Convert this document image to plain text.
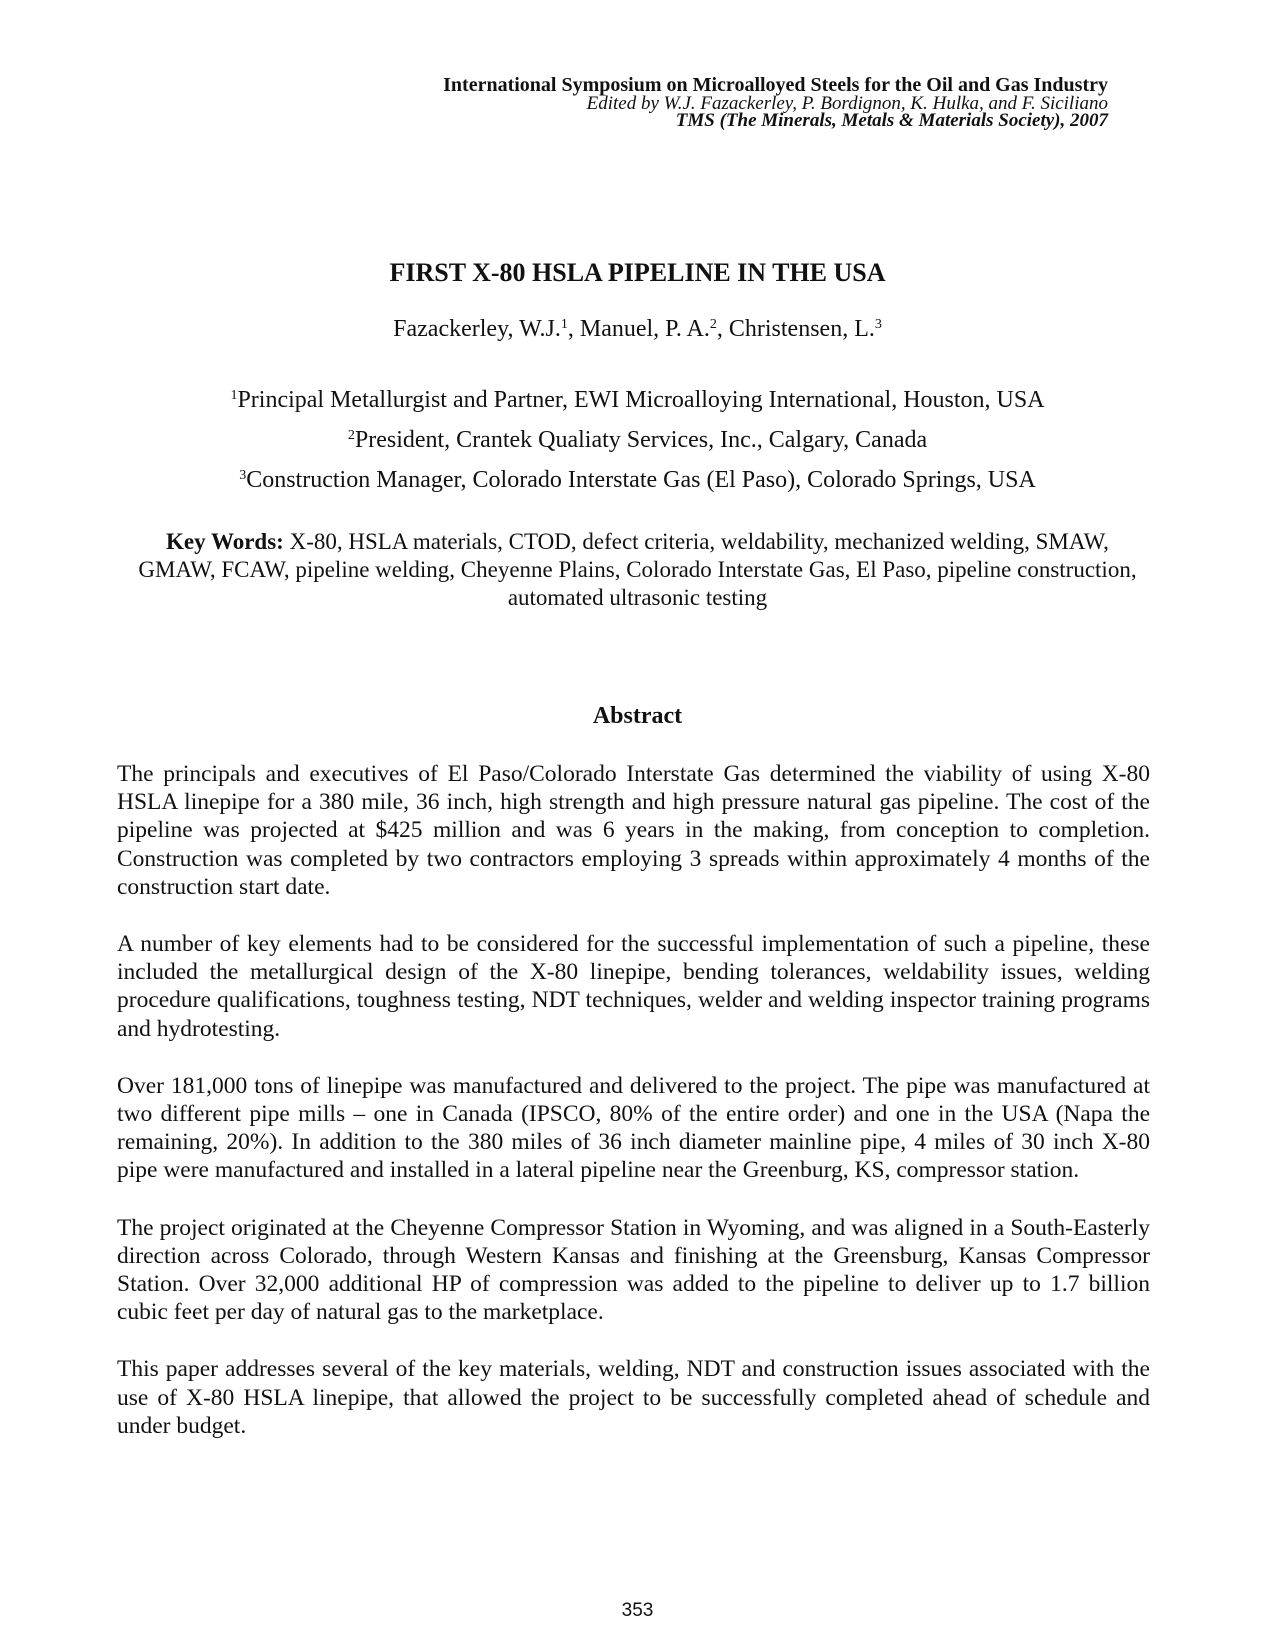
International Symposium on Microalloyed Steels for the Oil and Gas Industry
Edited by W.J. Fazackerley, P. Bordignon, K. Hulka, and F. Siciliano
TMS (The Minerals, Metals & Materials Society), 2007
FIRST X-80 HSLA PIPELINE IN THE USA
Fazackerley, W.J.$^1$, Manuel, P. A.$^2$, Christensen, L.$^3$
$^1$Principal Metallurgist and Partner, EWI Microalloying International, Houston, USA
$^2$President, Crantek Qualiaty Services, Inc., Calgary, Canada
$^3$Construction Manager, Colorado Interstate Gas (El Paso), Colorado Springs, USA
Key Words: X-80, HSLA materials, CTOD, defect criteria, weldability, mechanized welding, SMAW, GMAW, FCAW, pipeline welding, Cheyenne Plains, Colorado Interstate Gas, El Paso, pipeline construction, automated ultrasonic testing
Abstract

The principals and executives of El Paso/Colorado Interstate Gas determined the viability of using X-80 HSLA linepipe for a 380 mile, 36 inch, high strength and high pressure natural gas pipeline. The cost of the pipeline was projected at $425 million and was 6 years in the making, from conception to completion. Construction was completed by two contractors employing 3 spreads within approximately 4 months of the construction start date.

A number of key elements had to be considered for the successful implementation of such a pipeline, these included the metallurgical design of the X-80 linepipe, bending tolerances, weldability issues, welding procedure qualifications, toughness testing, NDT techniques, welder and welding inspector training programs and hydrotesting.

Over 181,000 tons of linepipe was manufactured and delivered to the project. The pipe was manufactured at two different pipe mills – one in Canada (IPSCO, 80% of the entire order) and one in the USA (Napa the remaining, 20%). In addition to the 380 miles of 36 inch diameter mainline pipe, 4 miles of 30 inch X-80 pipe were manufactured and installed in a lateral pipeline near the Greenburg, KS, compressor station.

The project originated at the Cheyenne Compressor Station in Wyoming, and was aligned in a South-Easterly direction across Colorado, through Western Kansas and finishing at the Greensburg, Kansas Compressor Station. Over 32,000 additional HP of compression was added to the pipeline to deliver up to 1.7 billion cubic feet per day of natural gas to the marketplace.

This paper addresses several of the key materials, welding, NDT and construction issues associated with the use of X-80 HSLA linepipe, that allowed the project to be successfully completed ahead of schedule and under budget.

353
